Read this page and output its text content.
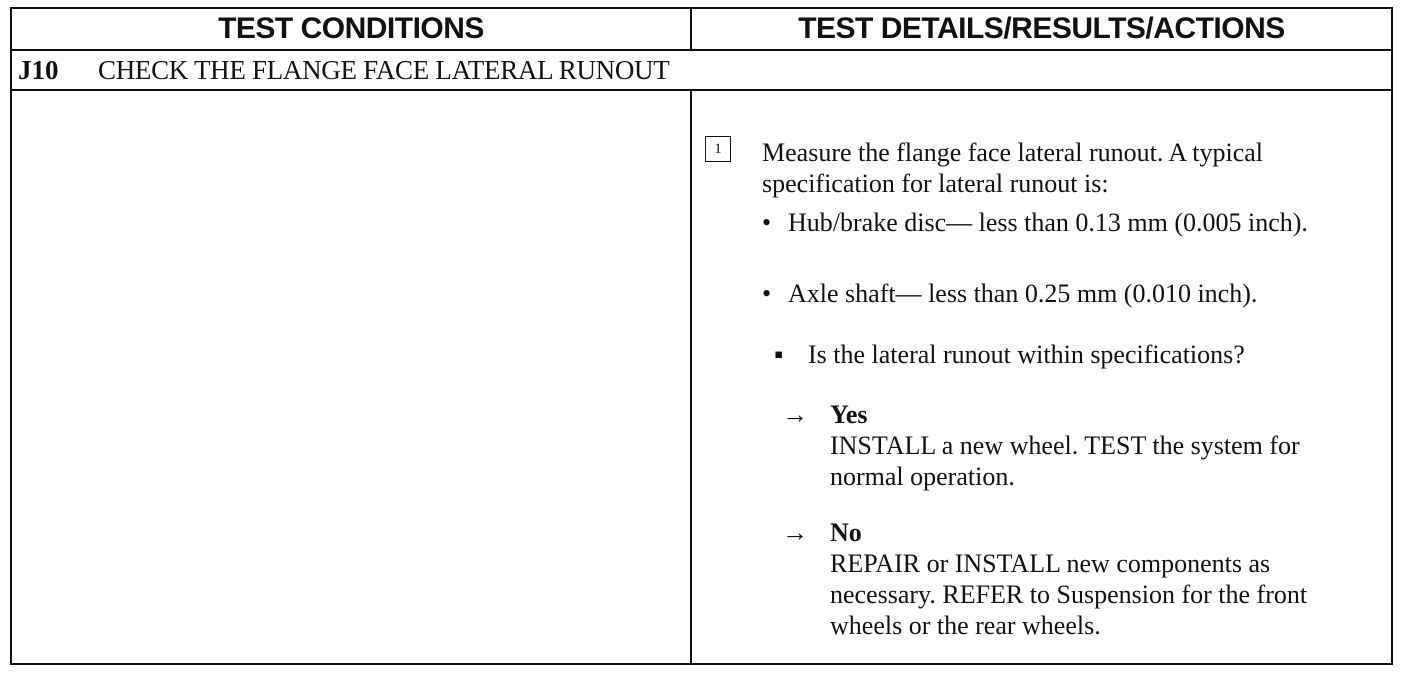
TEST CONDITIONS	TEST DETAILS/RESULTS/ACTIONS
J10 CHECK THE FLANGE FACE LATERAL RUNOUT
1	Measure the flange face lateral runout. A typical specification for lateral runout is:
• Hub/brake disc— less than 0.13 mm (0.005 inch).
• Axle shaft— less than 0.25 mm (0.010 inch).
▪ Is the lateral runout within specifications?
→ Yes
INSTALL a new wheel. TEST the system for normal operation.
→ No
REPAIR or INSTALL new components as necessary. REFER to Suspension for the front wheels or the rear wheels.
